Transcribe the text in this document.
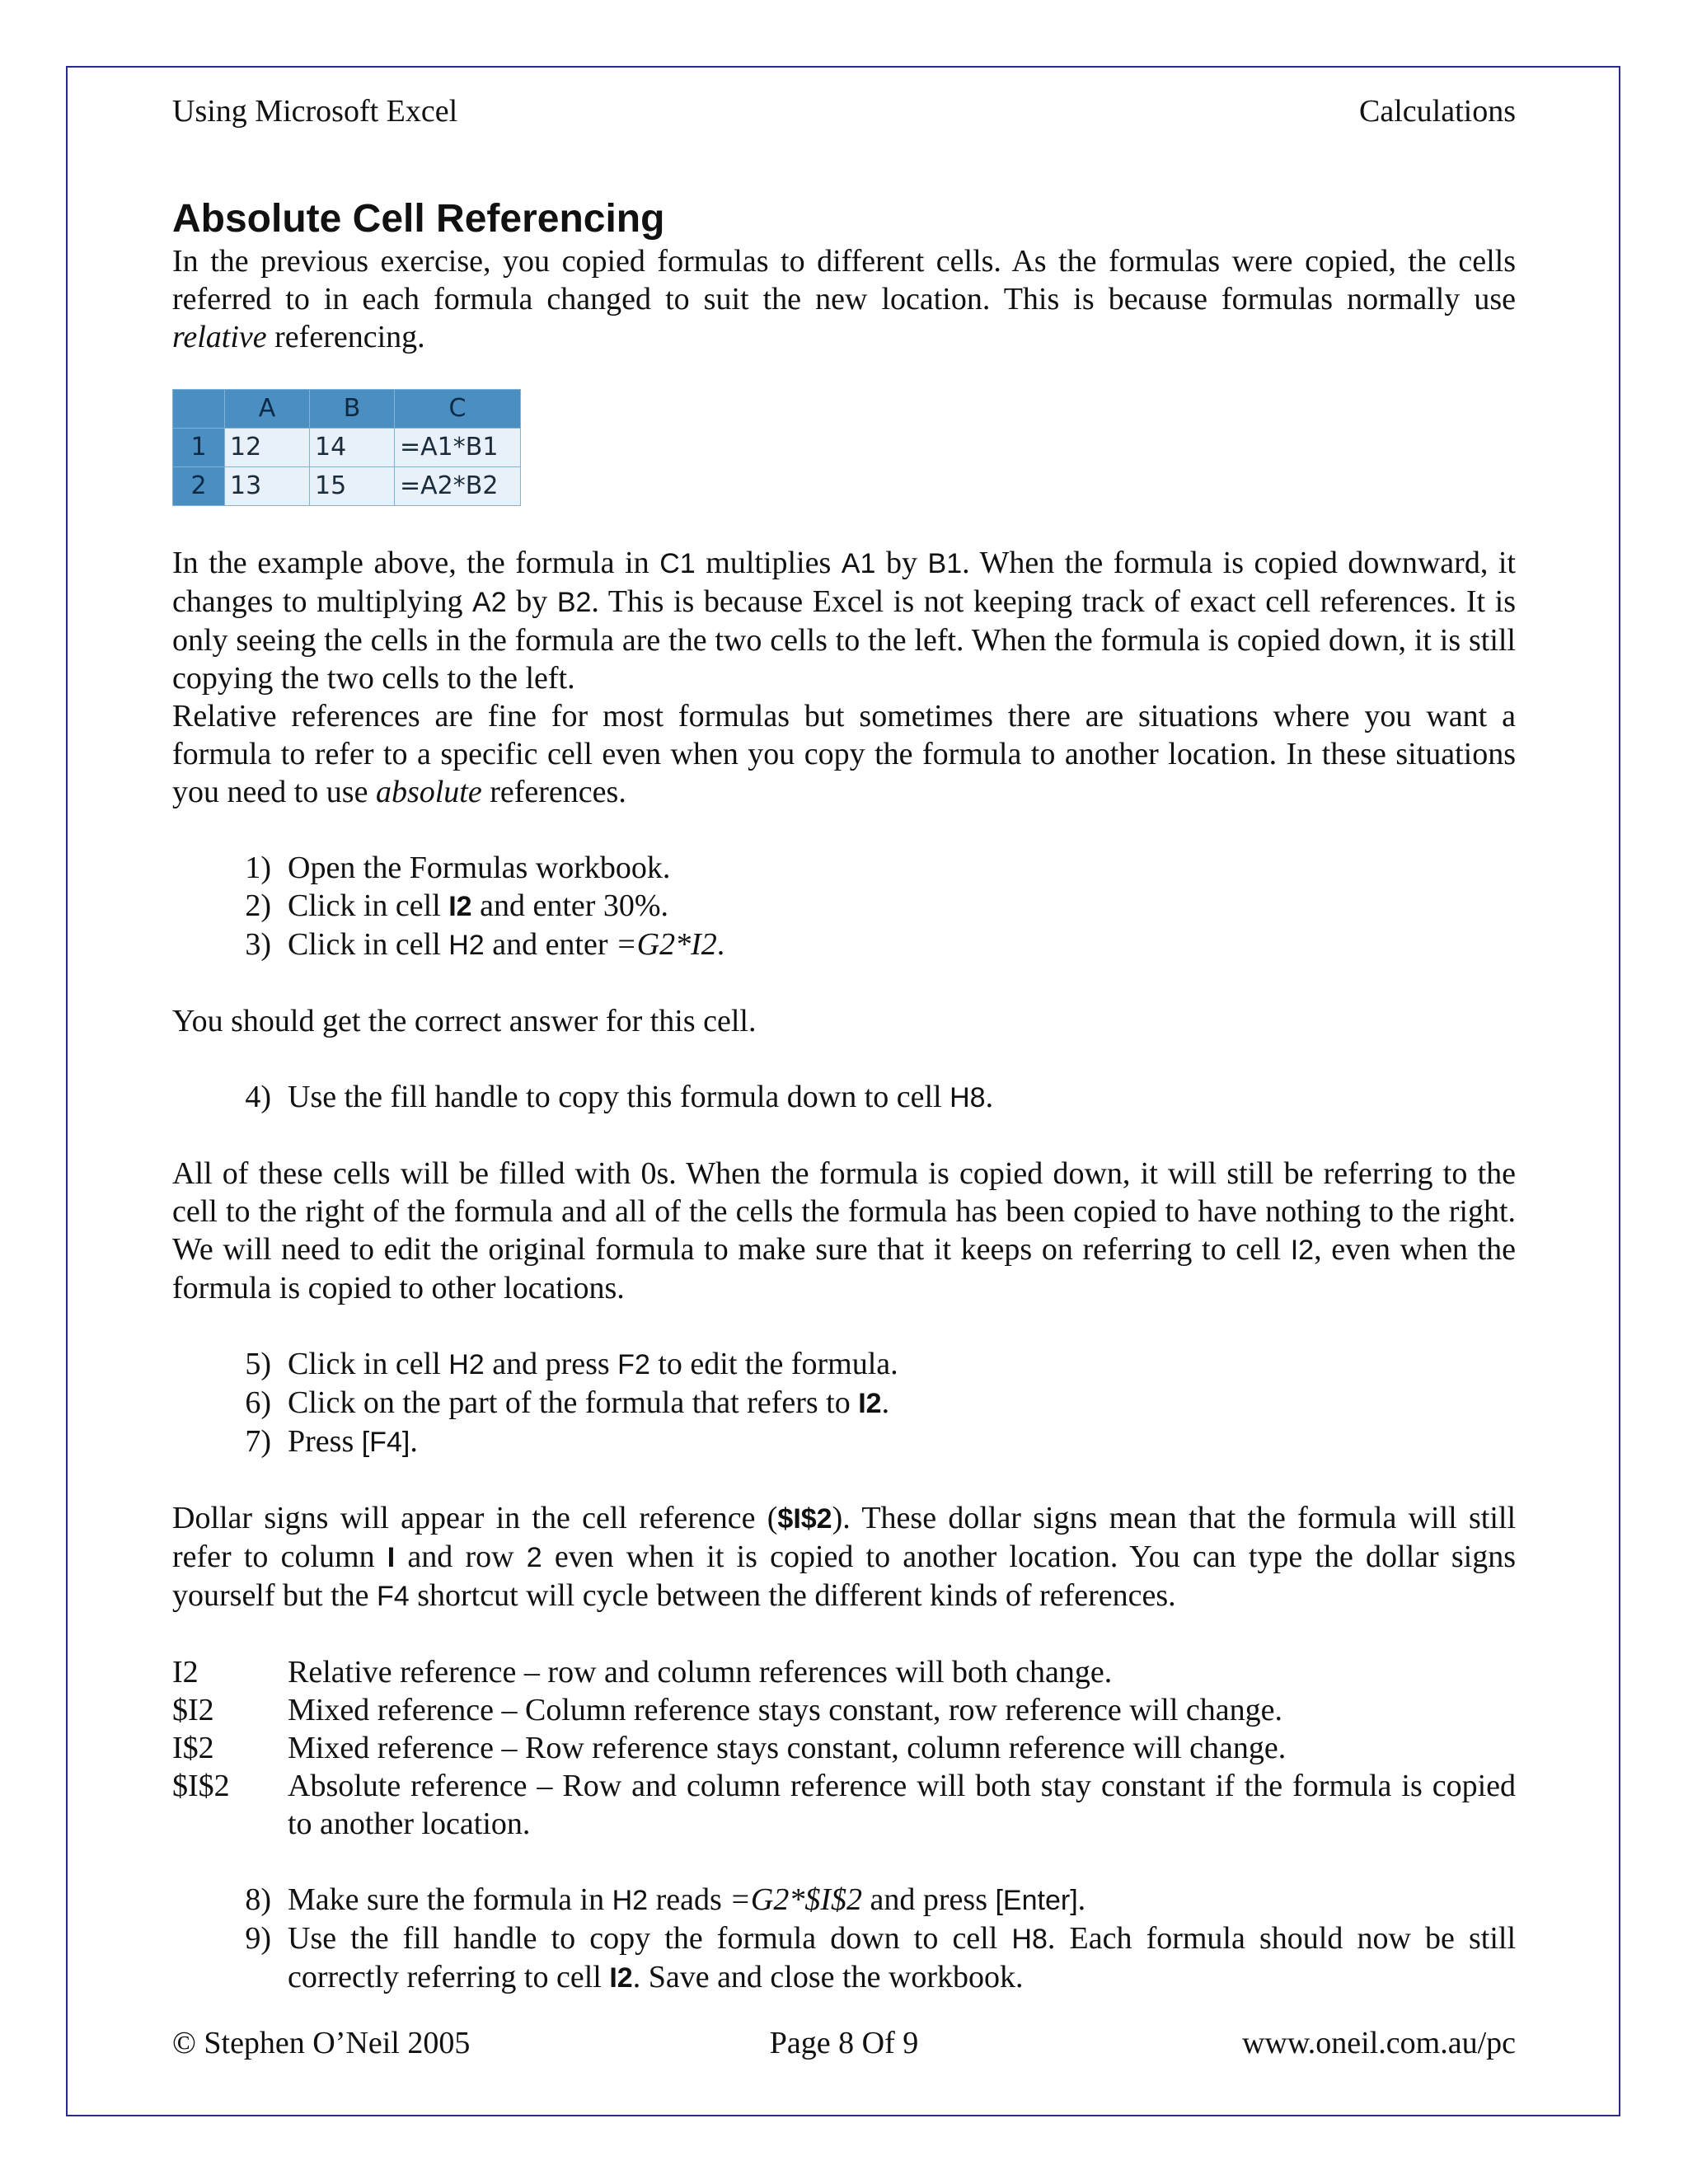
Using Microsoft Excel	Calculations
Absolute Cell Referencing

In the previous exercise, you copied formulas to different cells. As the formulas were copied, the cells referred to in each formula changed to suit the new location. This is because formulas normally use relative referencing.

	A	B	C
1	12	14	=A1*B1
2	13	15	=A2*B2

In the example above, the formula in C1 multiplies A1 by B1. When the formula is copied downward, it changes to multiplying A2 by B2. This is because Excel is not keeping track of exact cell references. It is only seeing the cells in the formula are the two cells to the left. When the formula is copied down, it is still copying the two cells to the left.

Relative references are fine for most formulas but sometimes there are situations where you want a formula to refer to a specific cell even when you copy the formula to another location. In these situations you need to use absolute references.

1) Open the Formulas workbook.
2) Click in cell I2 and enter 30%.
3) Click in cell H2 and enter =G2*I2.

You should get the correct answer for this cell.

4) Use the fill handle to copy this formula down to cell H8.

All of these cells will be filled with 0s. When the formula is copied down, it will still be referring to the cell to the right of the formula and all of the cells the formula has been copied to have nothing to the right. We will need to edit the original formula to make sure that it keeps on referring to cell I2, even when the formula is copied to other locations.

5) Click in cell H2 and press F2 to edit the formula.
6) Click on the part of the formula that refers to I2.
7) Press [F4].

Dollar signs will appear in the cell reference ($I$2). These dollar signs mean that the formula will still refer to column I and row 2 even when it is copied to another location. You can type the dollar signs yourself but the F4 shortcut will cycle between the different kinds of references.

I2	Relative reference – row and column references will both change.
$I2	Mixed reference – Column reference stays constant, row reference will change.
I$2	Mixed reference – Row reference stays constant, column reference will change.
$I$2	Absolute reference – Row and column reference will both stay constant if the formula is copied to another location.
8) Make sure the formula in H2 reads =G2*$I$2 and press [Enter].
9) Use the fill handle to copy the formula down to cell H8. Each formula should now be still correctly referring to cell I2. Save and close the workbook.
© Stephen O’Neil 2005	Page 8 Of 9	www.oneil.com.au/pc
